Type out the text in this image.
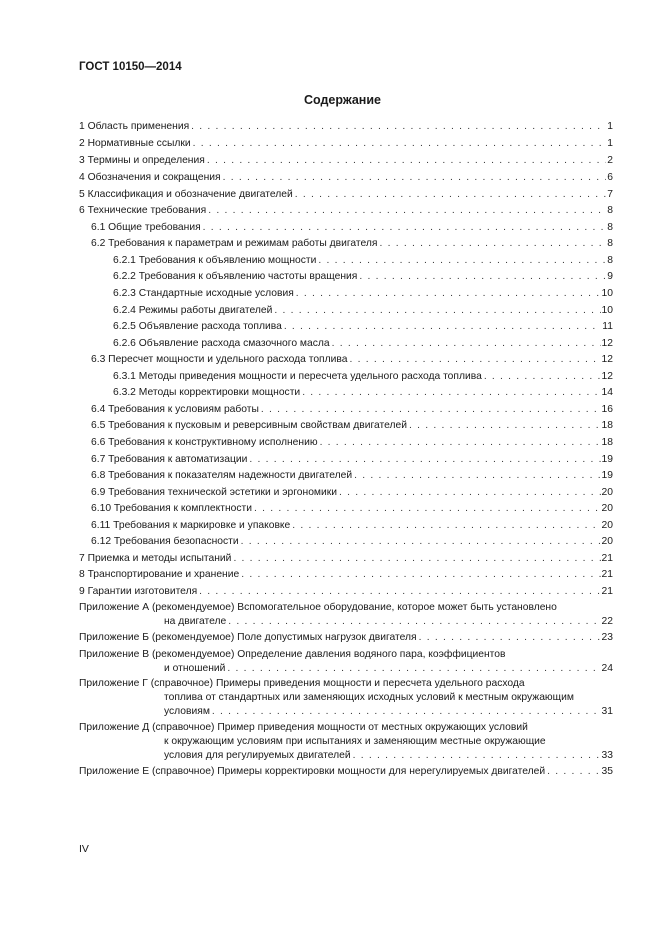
ГОСТ 10150—2014
Содержание
1 Область применения . . .	1
2 Нормативные ссылки . . .	1
3 Термины и определения . . .	2
4 Обозначения и сокращения . . .	6
5 Классификация и обозначение двигателей . . .	7
6 Технические требования . . .	8
6.1 Общие требования . . .	8
6.2 Требования к параметрам и режимам работы двигателя . . .	8
6.2.1 Требования к объявлению мощности . . .	8
6.2.2 Требования к объявлению частоты вращения . . .	9
6.2.3 Стандартные исходные условия . . .	10
6.2.4 Режимы работы двигателей . . .	10
6.2.5 Объявление расхода топлива . . .	11
6.2.6 Объявление расхода смазочного масла . . .	12
6.3 Пересчет мощности и удельного расхода топлива . . .	12
6.3.1 Методы приведения мощности и пересчета удельного расхода топлива . . .	12
6.3.2 Методы корректировки мощности . . .	14
6.4 Требования к условиям работы . . .	16
6.5 Требования к пусковым и реверсивным свойствам двигателей . . .	18
6.6 Требования к конструктивному исполнению . . .	18
6.7 Требования к автоматизации . . .	19
6.8 Требования к показателям надежности двигателей . . .	19
6.9 Требования технической эстетики и эргономики . . .	20
6.10 Требования к комплектности . . .	20
6.11 Требования к маркировке и упаковке . . .	20
6.12 Требования безопасности . . .	20
7 Приемка и методы испытаний . . .	21
8 Транспортирование и хранение . . .	21
9 Гарантии изготовителя . . .	21
Приложение А (рекомендуемое) Вспомогательное оборудование, которое может быть установлено
на двигателе . . .	22
Приложение Б (рекомендуемое) Поле допустимых нагрузок двигателя . . .	23
Приложение В (рекомендуемое) Определение давления водяного пара, коэффициентов
и отношений . . .	24
Приложение Г (справочное) Примеры приведения мощности и пересчета удельного расхода
топлива от стандартных или заменяющих исходных условий к местным окружающим
условиям . . .	31
Приложение Д (справочное) Пример приведения мощности от местных окружающих условий
к окружающим условиям при испытаниях и заменяющим местные окружающие
условия для регулируемых двигателей . . .	33
Приложение Е (справочное) Примеры корректировки мощности для нерегулируемых двигателей . . .	35
IV
